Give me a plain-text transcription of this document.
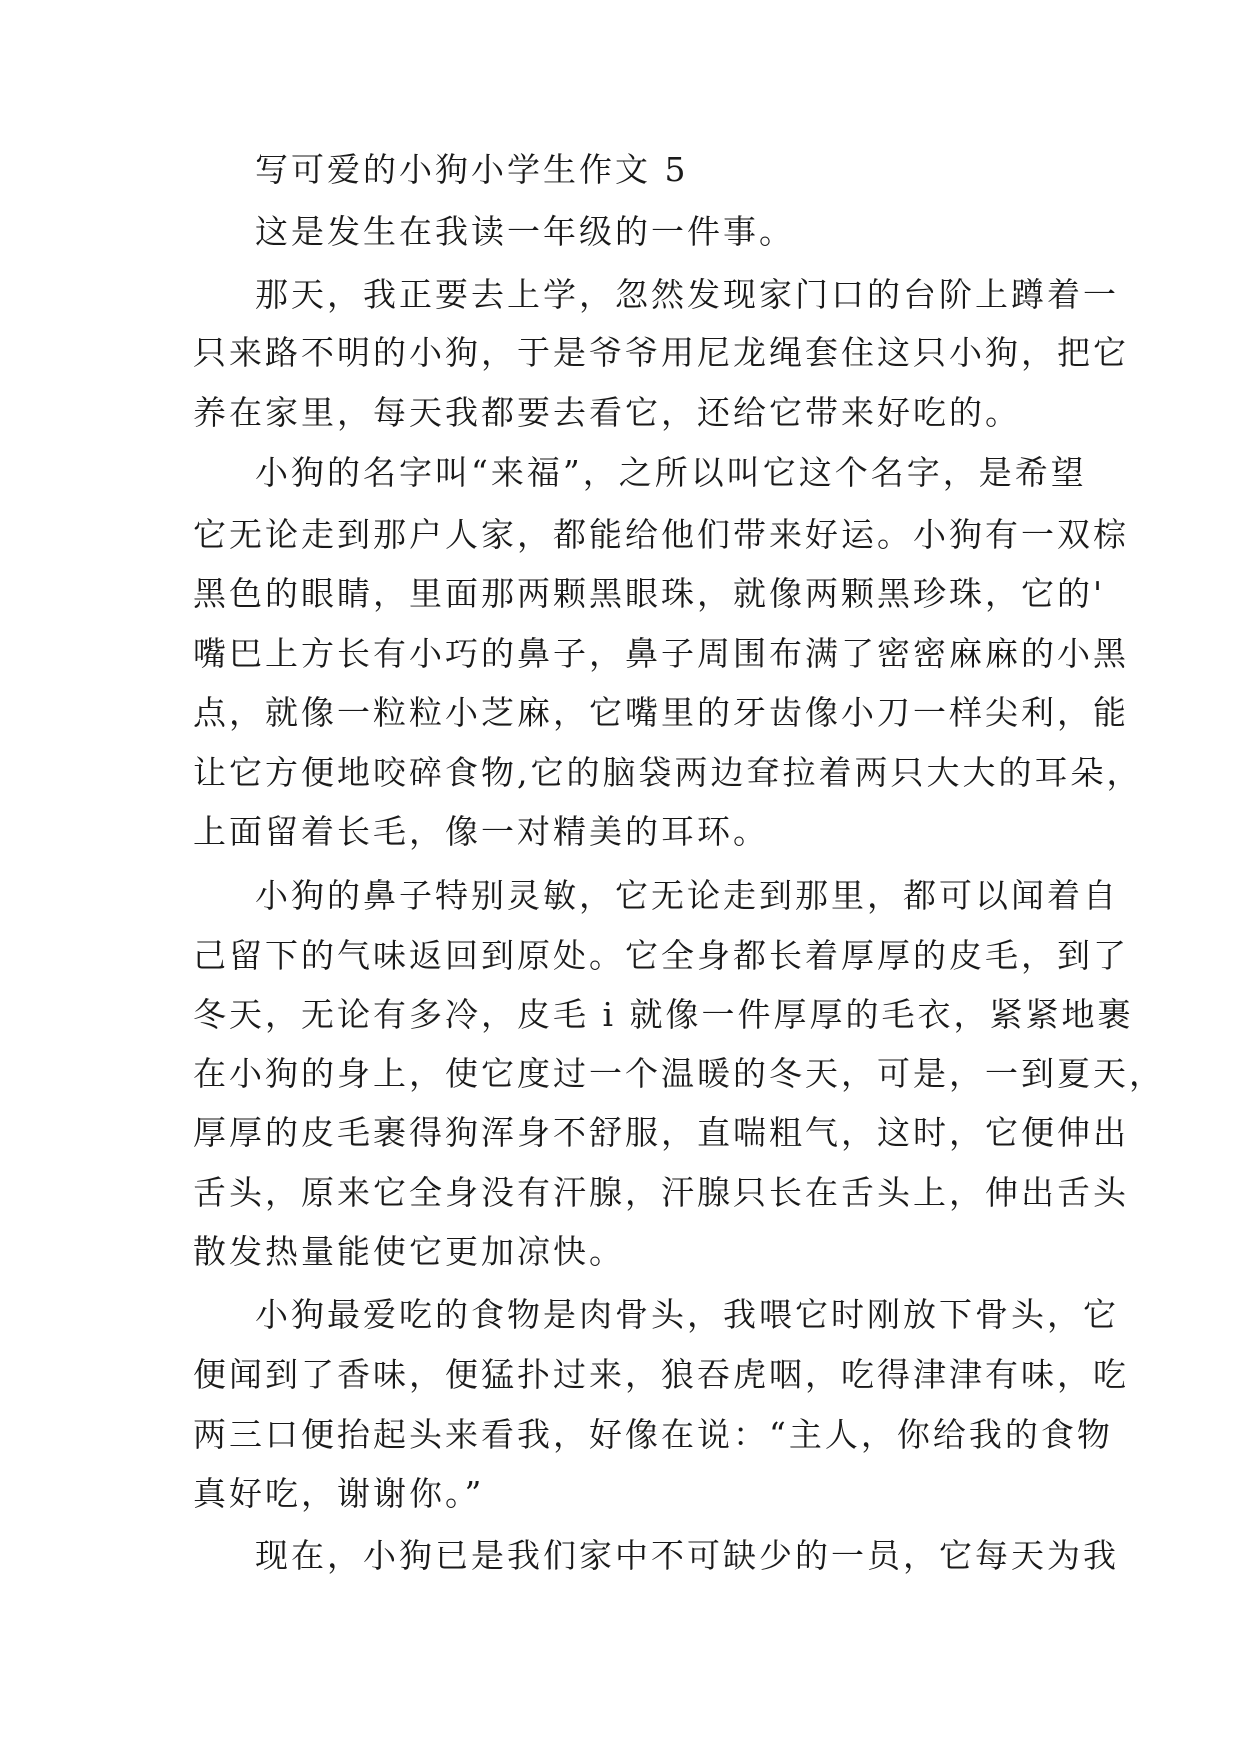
写可爱的小狗小学生作文 5
这是发生在我读一年级的一件事。
那天，我正要去上学，忽然发现家门口的台阶上蹲着一
只来路不明的小狗，于是爷爷用尼龙绳套住这只小狗，把它
养在家里，每天我都要去看它，还给它带来好吃的。
小狗的名字叫“来福”，之所以叫它这个名字，是希望
它无论走到那户人家，都能给他们带来好运。小狗有一双棕
黑色的眼睛，里面那两颗黑眼珠，就像两颗黑珍珠，它的'
嘴巴上方长有小巧的鼻子，鼻子周围布满了密密麻麻的小黑
点，就像一粒粒小芝麻，它嘴里的牙齿像小刀一样尖利，能
让它方便地咬碎食物,它的脑袋两边耷拉着两只大大的耳朵，
上面留着长毛，像一对精美的耳环。
小狗的鼻子特别灵敏，它无论走到那里，都可以闻着自
己留下的气味返回到原处。它全身都长着厚厚的皮毛，到了
冬天，无论有多冷，皮毛 i 就像一件厚厚的毛衣，紧紧地裹
在小狗的身上，使它度过一个温暖的冬天，可是，一到夏天，
厚厚的皮毛裹得狗浑身不舒服，直喘粗气，这时，它便伸出
舌头，原来它全身没有汗腺，汗腺只长在舌头上，伸出舌头
散发热量能使它更加凉快。
小狗最爱吃的食物是肉骨头，我喂它时刚放下骨头，它
便闻到了香味，便猛扑过来，狼吞虎咽，吃得津津有味，吃
两三口便抬起头来看我，好像在说：“主人，你给我的食物
真好吃，谢谢你。”
现在，小狗已是我们家中不可缺少的一员，它每天为我
